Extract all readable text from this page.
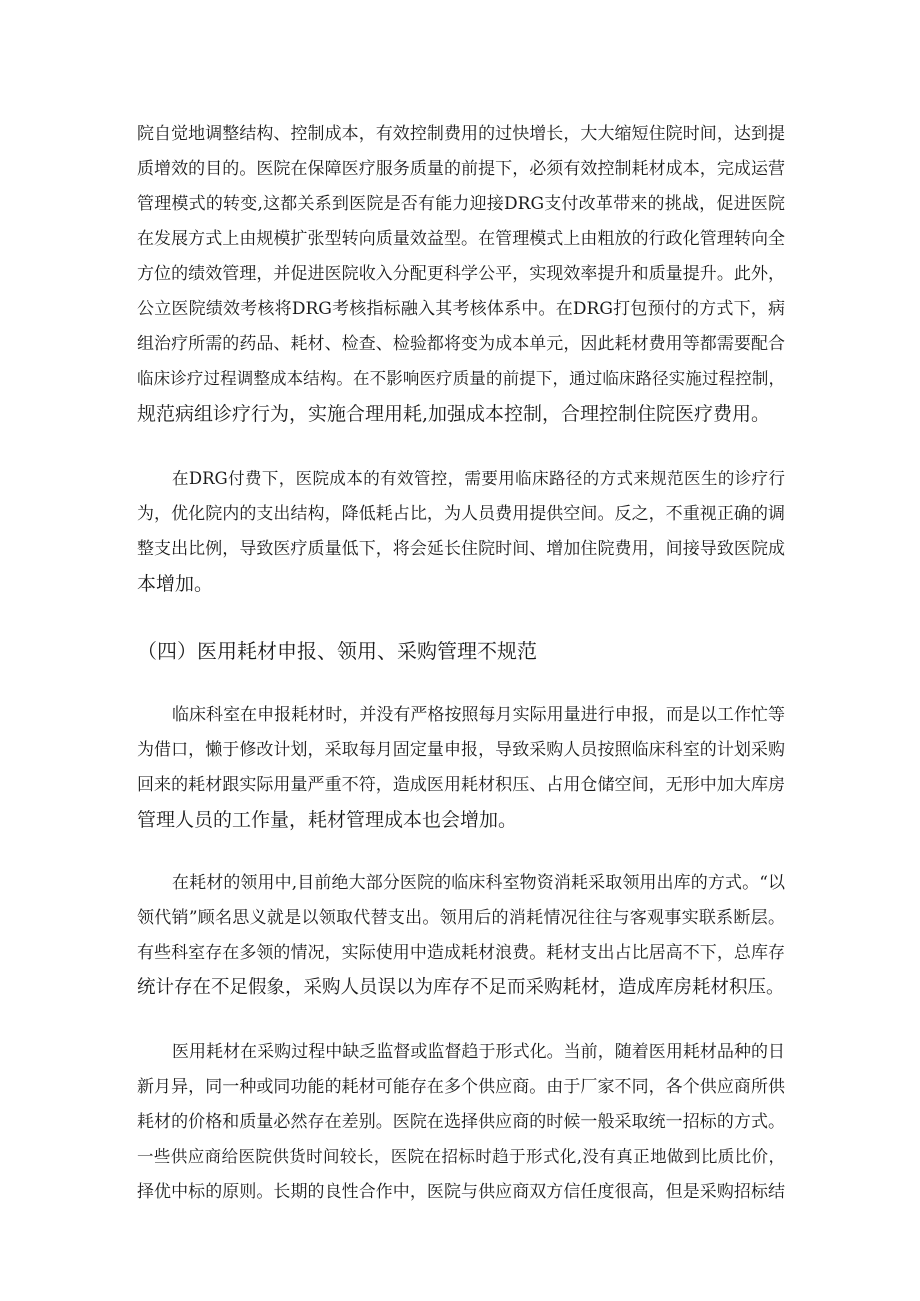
院自觉地调整结构、控制成本，有效控制费用的过快增长，大大缩短住院时间，达到提
质增效的目的。医院在保障医疗服务质量的前提下，必须有效控制耗材成本，完成运营
管理模式的转变,这都关系到医院是否有能力迎接DRG支付改革带来的挑战，促进医院
在发展方式上由规模扩张型转向质量效益型。在管理模式上由粗放的行政化管理转向全
方位的绩效管理，并促进医院收入分配更科学公平，实现效率提升和质量提升。此外，
公立医院绩效考核将DRG考核指标融入其考核体系中。在DRG打包预付的方式下，病
组治疗所需的药品、耗材、检查、检验都将变为成本单元，因此耗材费用等都需要配合
临床诊疗过程调整成本结构。在不影响医疗质量的前提下，通过临床路径实施过程控制，
规范病组诊疗行为，实施合理用耗,加强成本控制，合理控制住院医疗费用。
在DRG付费下，医院成本的有效管控，需要用临床路径的方式来规范医生的诊疗行
为，优化院内的支出结构，降低耗占比，为人员费用提供空间。反之，不重视正确的调
整支出比例，导致医疗质量低下，将会延长住院时间、增加住院费用，间接导致医院成
本增加。
（四）医用耗材申报、领用、采购管理不规范
临床科室在申报耗材时，并没有严格按照每月实际用量进行申报，而是以工作忙等
为借口，懒于修改计划，采取每月固定量申报，导致采购人员按照临床科室的计划采购
回来的耗材跟实际用量严重不符，造成医用耗材积压、占用仓储空间，无形中加大库房
管理人员的工作量，耗材管理成本也会增加。
在耗材的领用中,目前绝大部分医院的临床科室物资消耗采取领用出库的方式。“以
领代销”顾名思义就是以领取代替支出。领用后的消耗情况往往与客观事实联系断层。
有些科室存在多领的情况，实际使用中造成耗材浪费。耗材支出占比居高不下，总库存
统计存在不足假象，采购人员误以为库存不足而采购耗材，造成库房耗材积压。
医用耗材在采购过程中缺乏监督或监督趋于形式化。当前，随着医用耗材品种的日
新月异，同一种或同功能的耗材可能存在多个供应商。由于厂家不同，各个供应商所供
耗材的价格和质量必然存在差别。医院在选择供应商的时候一般采取统一招标的方式。
一些供应商给医院供货时间较长，医院在招标时趋于形式化,没有真正地做到比质比价，
择优中标的原则。长期的良性合作中，医院与供应商双方信任度很高，但是采购招标结
